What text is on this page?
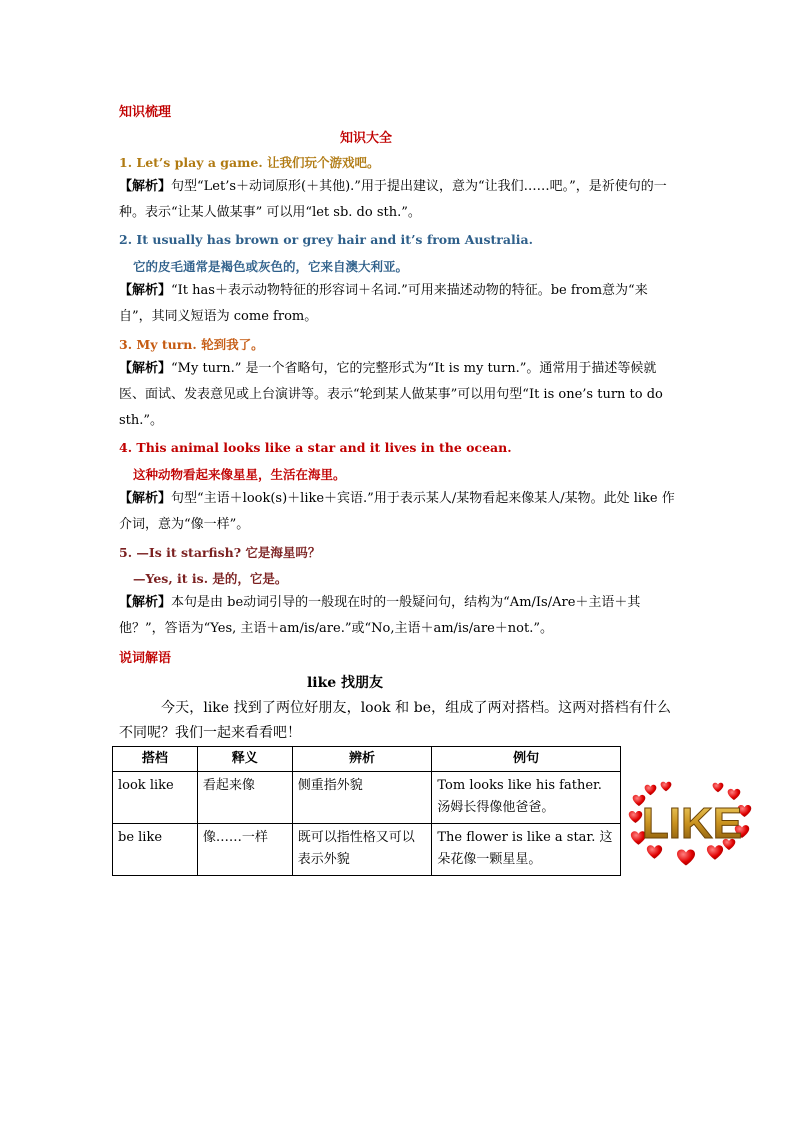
知识梳理
知识大全
1. Let’s play a game. 让我们玩个游戏吧。
【解析】句型“Let’s＋动词原形(＋其他).”用于提出建议，意为“让我们……吧。”，是祈使句的一种。表示“让某人做某事” 可以用“let sb. do sth.”。
2. It usually has brown or grey hair and it’s from Australia.
它的皮毛通常是褐色或灰色的，它来自澳大利亚。
【解析】“It has＋表示动物特征的形容词＋名词.”可用来描述动物的特征。be from意为“来自”，其同义短语为 come from。
3. My turn. 轮到我了。
【解析】“My turn.” 是一个省略句，它的完整形式为“It is my turn.”。通常用于描述等候就医、面试、发表意见或上台演讲等。表示“轮到某人做某事”可以用句型“It is one’s turn to do sth.”。
4. This animal looks like a star and it lives in the ocean.
这种动物看起来像星星，生活在海里。
【解析】句型“主语＋look(s)＋like＋宾语.”用于表示某人/某物看起来像某人/某物。此处 like 作介词，意为“像一样”。
5. —Is it starfish? 它是海星吗？
—Yes, it is. 是的，它是。
【解析】本句是由 be动词引导的一般现在时的一般疑问句，结构为“Am/Is/Are＋主语＋其他？”，答语为“Yes, 主语＋am/is/are.”或“No,主语＋am/is/are＋not.”。
说词解语
like 找朋友
今天，like 找到了两位好朋友，look 和 be，组成了两对搭档。这两对搭档有什么不同呢？我们一起来看看吧！
搭档	释义	辨析	例句
look like	看起来像	侧重指外貌	Tom looks like his father. 汤姆长得像他爸爸。
be like	像……一样	既可以指性格又可以表示外貌	The flower is like a star. 这朵花像一颗星星。
LIKE
